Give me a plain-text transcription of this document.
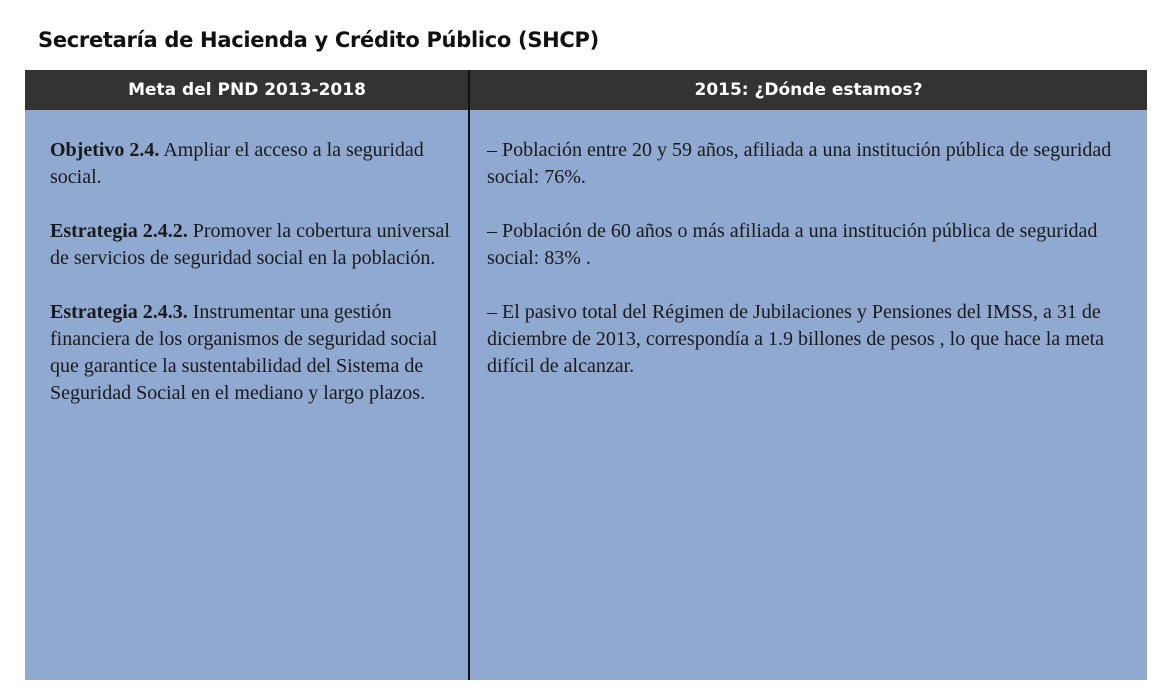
Secretaría de Hacienda y Crédito Público (SHCP)
Meta del PND 2013-2018	2015: ¿Dónde estamos?

Objetivo 2.4. Ampliar el acceso a la seguridad social.

Estrategia 2.4.2. Promover la cobertura universal de servicios de seguridad social en la población.

Estrategia 2.4.3. Instrumentar una gestión financiera de los organismos de seguridad social que garantice la sustentabilidad del Sistema de Seguridad Social en el mediano y largo plazos.

– Población entre 20 y 59 años, afiliada a una institución pública de seguridad social: 76%.

– Población de 60 años o más afiliada a una institución pública de seguridad social: 83% .

– El pasivo total del Régimen de Jubilaciones y Pensiones del IMSS, a 31 de diciembre de 2013, correspondía a 1.9 billones de pesos , lo que hace la meta difícil de alcanzar.
